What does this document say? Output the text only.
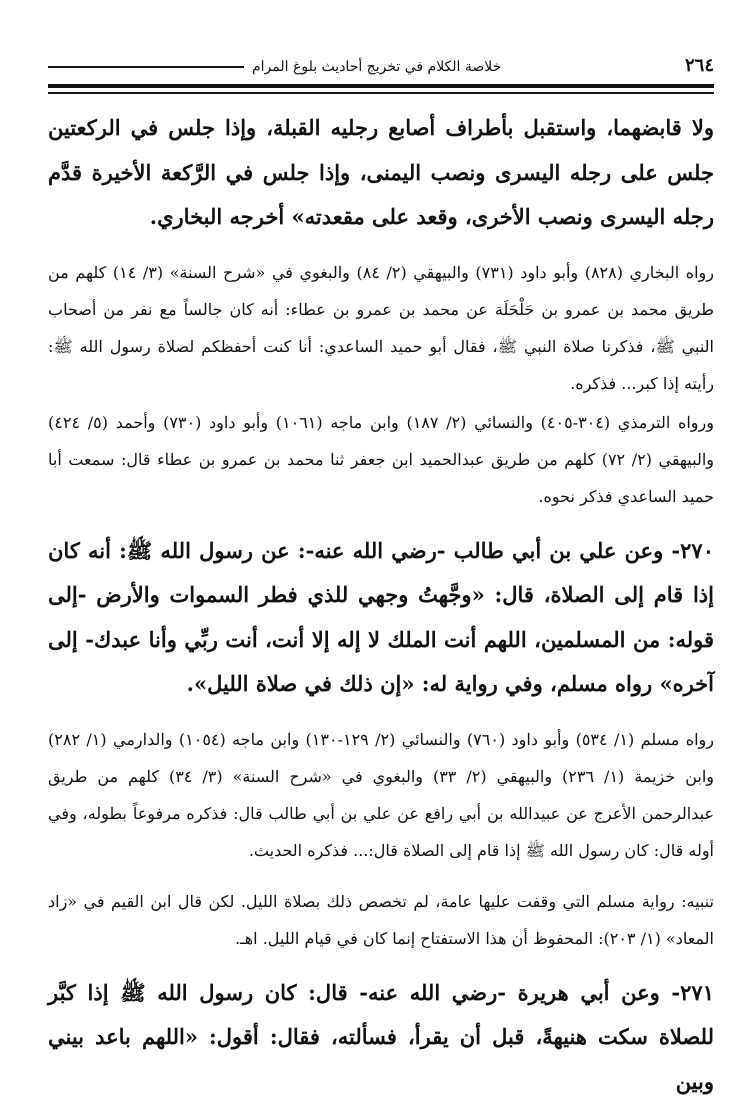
٢٦٤
خلاصة الكلام في تخريج أحاديث بلوغ المرام

ولا قابضهما، واستقبل بأطراف أصابع رجليه القبلة، وإذا جلس في الركعتين جلس على رجله اليسرى ونصب اليمنى، وإذا جلس في الرَّكعة الأخيرة قدَّم رجله اليسرى ونصب الأخرى، وقعد على مقعدته» أخرجه البخاري.

رواه البخاري (٨٢٨) وأبو داود (٧٣١) والبيهقي (٢/ ٨٤) والبغوي في «شرح السنة» (٣/ ١٤) كلهم من طريق محمد بن عمرو بن حَلْحَلَة عن محمد بن عمرو بن عطاء: أنه كان جالساً مع نفر من أصحاب النبي ﷺ، فذكرنا صلاة النبي ﷺ، فقال أبو حميد الساعدي: أنا كنت أحفظكم لصلاة رسول الله ﷺ: رأيته إذا كبر... فذكره.

ورواه الترمذي (٣٠٤-٤٠٥) والنسائي (٢/ ١٨٧) وابن ماجه (١٠٦١) وأبو داود (٧٣٠) وأحمد (٥/ ٤٢٤) والبيهقي (٢/ ٧٢) كلهم من طريق عبدالحميد ابن جعفر ثنا محمد بن عمرو بن عطاء قال: سمعت أبا حميد الساعدي فذكر نحوه.

٢٧٠- وعن علي بن أبي طالب -رضي الله عنه-: عن رسول الله ﷺ: أنه كان إذا قام إلى الصلاة، قال: «وجَّهتُ وجهي للذي فطر السموات والأرض -إلى قوله: من المسلمين، اللهم أنت الملك لا إله إلا أنت، أنت ربِّي وأنا عبدك- إلى آخره» رواه مسلم، وفي رواية له: «إن ذلك في صلاة الليل».

رواه مسلم (١/ ٥٣٤) وأبو داود (٧٦٠) والنسائي (٢/ ١٢٩-١٣٠) وابن ماجه (١٠٥٤) والدارمي (١/ ٢٨٢) وابن خزيمة (١/ ٢٣٦) والبيهقي (٢/ ٣٣) والبغوي في «شرح السنة» (٣/ ٣٤) كلهم من طريق عبدالرحمن الأعرج عن عبيدالله بن أبي رافع عن علي بن أبي طالب قال: فذكره مرفوعاً بطوله، وفي أوله قال: كان رسول الله ﷺ إذا قام إلى الصلاة قال:... فذكره الحديث.

تنبيه: رواية مسلم التي وقفت عليها عامة، لم تخصص ذلك بصلاة الليل. لكن قال ابن القيم في «زاد المعاد» (١/ ٢٠٣): المحفوظ أن هذا الاستفتاح إنما كان في قيام الليل. اهـ.

٢٧١- وعن أبي هريرة -رضي الله عنه- قال: كان رسول الله ﷺ إذا كبَّر للصلاة سكت هنيهةً، قبل أن يقرأ، فسألته، فقال: أقول: «اللهم باعد بيني وبين
